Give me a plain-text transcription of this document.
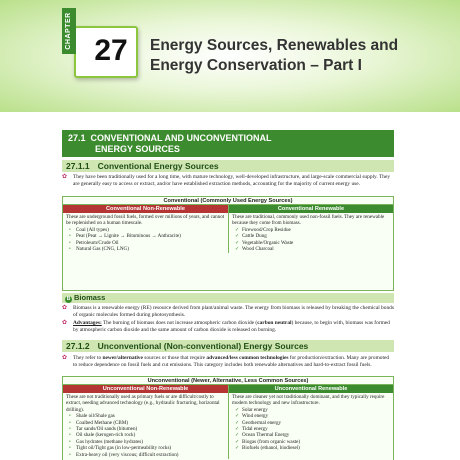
CHAPTER
27	Energy Sources, Renewables and
Energy Conservation – Part I
27.1 CONVENTIONAL AND UNCONVENTIONAL
ENERGY SOURCES
27.1.1 Conventional Energy Sources
✿	They have been traditionally used for a long time, with mature technology, well-developed infrastructure, and large-scale commercial supply. They are generally easy to access or extract, and/or have established extraction methods, accounting for the majority of current energy use.
Conventional (Commonly Used Energy Sources)
Conventional Non-Renewable
These are underground fossil fuels, formed over millions of years, and cannot be replenished on a human timescale.
• Coal (All types)
• Peat (Peat → Lignite → Bituminous → Anthracite)
• Petroleum/Crude Oil
• Natural Gas (CNG, LNG)
Conventional Renewable
These are traditional, commonly used non-fossil fuels. They are renewable because they come from biomass.
✓ Firewood/Crop Residue
✓ Cattle Dung
✓ Vegetable/Organic Waste
✓ Wood Charcoal
B Biomass
✿	Biomass is a renewable energy (RE) resource derived from plant/animal waste. The energy from biomass is released by breaking the chemical bonds of organic molecules formed during photosynthesis.
✿	Advantages: The burning of biomass does not increase atmospheric carbon dioxide (carbon neutral) because, to begin with, biomass was formed by atmospheric carbon dioxide and the same amount of carbon dioxide is released on burning.
27.1.2 Unconventional (Non-conventional) Energy Sources
✿	They refer to newer/alternative sources or those that require advanced/less common technologies for production/extraction. Many are promoted to reduce dependence on fossil fuels and cut emissions. This category includes both renewable alternatives and hard-to-extract fossil fuels.
Unconventional (Newer, Alternative, Less Common Sources)
Unconventional Non-Renewable
These are not traditionally used as primary fuels or are difficult/costly to extract, needing advanced technology (e.g., hydraulic fracturing, horizontal drilling).
• Shale oil/Shale gas
• Coalbed Methane (CBM)
• Tar sands/Oil sands (bitumen)
• Oil shale (kerogen-rich rock)
• Gas hydrates (methane hydrates)
• Tight oil/Tight gas (in low-permeability rocks)
• Extra-heavy oil (very viscous; difficult extraction)
Unconventional Renewable
These are cleaner yet not traditionally dominant, and they typically require modern technology and new infrastructure.
✓ Solar energy
✓ Wind energy
✓ Geothermal energy
✓ Tidal energy
✓ Ocean Thermal Energy
✓ Biogas (from organic waste)
✓ Biofuels (ethanol, biodiesel)
